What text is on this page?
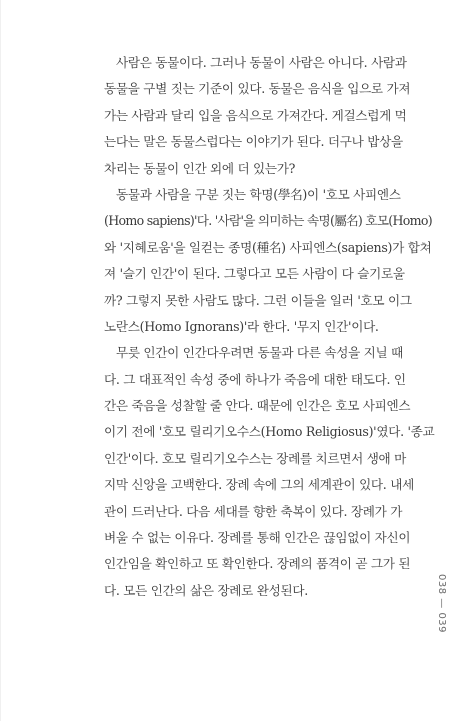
사람은 동물이다. 그러나 동물이 사람은 아니다. 사람과
동물을 구별 짓는 기준이 있다. 동물은 음식을 입으로 가져
가는 사람과 달리 입을 음식으로 가져간다. 게걸스럽게 먹
는다는 말은 동물스럽다는 이야기가 된다. 더구나 밥상을
차리는 동물이 인간 외에 더 있는가?

동물과 사람을 구분 짓는 학명(學名)이 '호모 사피엔스
(Homo sapiens)'다. '사람'을 의미하는 속명(屬名) 호모(Homo)
와 '지혜로움'을 일컫는 종명(種名) 사피엔스(sapiens)가 합쳐
져 '슬기 인간'이 된다. 그렇다고 모든 사람이 다 슬기로울
까? 그렇지 못한 사람도 많다. 그런 이들을 일러 '호모 이그
노란스(Homo Ignorans)'라 한다. '무지 인간'이다.

무릇 인간이 인간다우려면 동물과 다른 속성을 지닐 때
다. 그 대표적인 속성 중에 하나가 죽음에 대한 태도다. 인
간은 죽음을 성찰할 줄 안다. 때문에 인간은 호모 사피엔스
이기 전에 '호모 릴리기오수스(Homo Religiosus)'였다. '종교
인간'이다. 호모 릴리기오수스는 장례를 치르면서 생애 마
지막 신앙을 고백한다. 장례 속에 그의 세계관이 있다. 내세
관이 드러난다. 다음 세대를 향한 축복이 있다. 장례가 가
벼울 수 없는 이유다. 장례를 통해 인간은 끊임없이 자신이
인간임을 확인하고 또 확인한다. 장례의 품격이 곧 그가 된
다. 모든 인간의 삶은 장례로 완성된다.	038 — 039
